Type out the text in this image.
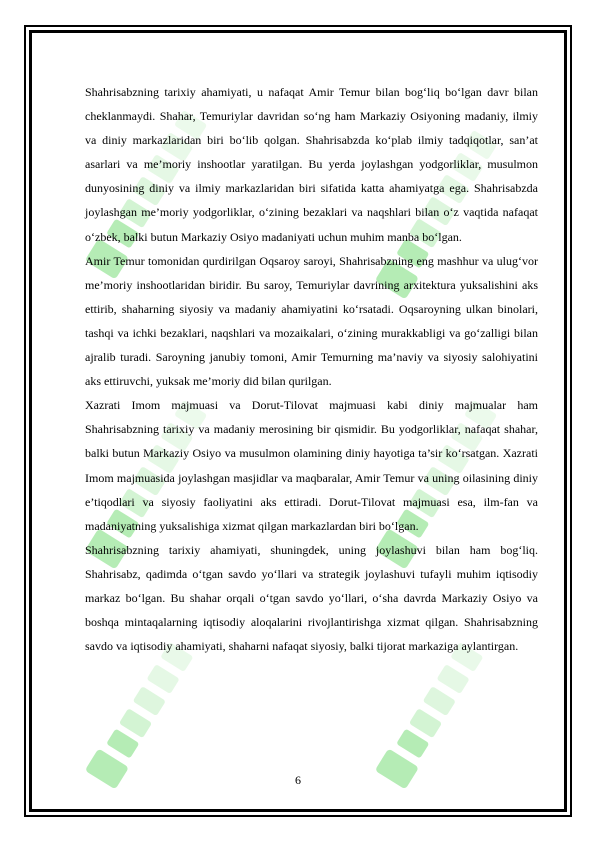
Shahrisabzning tarixiy ahamiyati, u nafaqat Amir Temur bilan bog‘liq bo‘lgan davr bilan cheklanmaydi. Shahar, Temuriylar davridan so‘ng ham Markaziy Osiyoning madaniy, ilmiy va diniy markazlaridan biri bo‘lib qolgan. Shahrisabzda ko‘plab ilmiy tadqiqotlar, san’at asarlari va me’moriy inshootlar yaratilgan. Bu yerda joylashgan yodgorliklar, musulmon dunyosining diniy va ilmiy markazlaridan biri sifatida katta ahamiyatga ega. Shahrisabzda joylashgan me’moriy yodgorliklar, o‘zining bezaklari va naqshlari bilan o‘z vaqtida nafaqat o‘zbek, balki butun Markaziy Osiyo madaniyati uchun muhim manba bo‘lgan.

Amir Temur tomonidan qurdirilgan Oqsaroy saroyi, Shahrisabzning eng mashhur va ulug‘vor me’moriy inshootlaridan biridir. Bu saroy, Temuriylar davrining arxitektura yuksalishini aks ettirib, shaharning siyosiy va madaniy ahamiyatini ko‘rsatadi. Oqsaroyning ulkan binolari, tashqi va ichki bezaklari, naqshlari va mozaikalari, o‘zining murakkabligi va go‘zalligi bilan ajralib turadi. Saroyning janubiy tomoni, Amir Temurning ma’naviy va siyosiy salohiyatini aks ettiruvchi, yuksak me’moriy did bilan qurilgan.

Xazrati Imom majmuasi va Dorut-Tilovat majmuasi kabi diniy majmualar ham Shahrisabzning tarixiy va madaniy merosining bir qismidir. Bu yodgorliklar, nafaqat shahar, balki butun Markaziy Osiyo va musulmon olamining diniy hayotiga ta’sir ko‘rsatgan. Xazrati Imom majmuasida joylashgan masjidlar va maqbaralar, Amir Temur va uning oilasining diniy e’tiqodlari va siyosiy faoliyatini aks ettiradi. Dorut-Tilovat majmuasi esa, ilm-fan va madaniyatning yuksalishiga xizmat qilgan markazlardan biri bo‘lgan.

Shahrisabzning tarixiy ahamiyati, shuningdek, uning joylashuvi bilan ham bog‘liq. Shahrisabz, qadimda o‘tgan savdo yo‘llari va strategik joylashuvi tufayli muhim iqtisodiy markaz bo‘lgan. Bu shahar orqali o‘tgan savdo yo‘llari, o‘sha davrda Markaziy Osiyo va boshqa mintaqalarning iqtisodiy aloqalarini rivojlantirishga xizmat qilgan. Shahrisabzning savdo va iqtisodiy ahamiyati, shaharni nafaqat siyosiy, balki tijorat markaziga aylantirgan.

6
